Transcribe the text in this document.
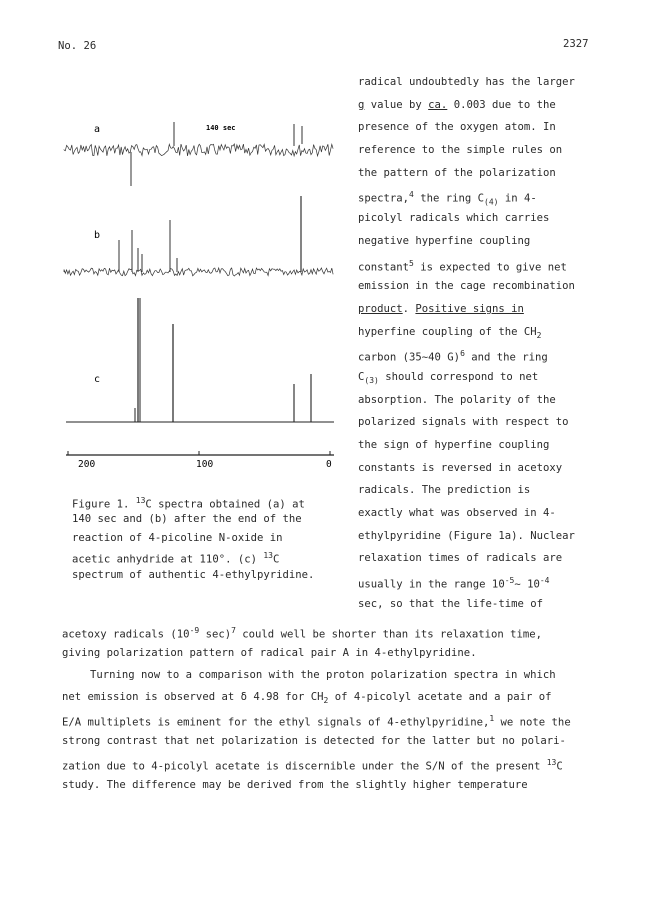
No. 26	2327
a	140 sec
b
c
200	100	0
Figure 1. $^{13}$C spectra obtained (a) at
140 sec and (b) after the end of the
reaction of 4-picoline N-oxide in
acetic anhydride at 110°. (c) $^{13}$C
spectrum of authentic 4-ethylpyridine.
radical undoubtedly has the larger
g value by ca. 0.003 due to the
presence of the oxygen atom. In
reference to the simple rules on
the pattern of the polarization
spectra,$^4$ the ring $C_{(4)}$ in 4-
picolyl radicals which carries
negative hyperfine coupling
constant$^5$ is expected to give net
emission in the cage recombination
product. Positive signs in
hyperfine coupling of the $CH_2$
carbon (35∼40 G)$^6$ and the ring
$C_{(3)}$ should correspond to net
absorption. The polarity of the
polarized signals with respect to
the sign of hyperfine coupling
constants is reversed in acetoxy
radicals. The prediction is
exactly what was observed in 4-
ethylpyridine (Figure 1a). Nuclear
relaxation times of radicals are
usually in the range $10^{-5}\sim$ $10^{-4}$
sec, so that the life-time of
acetoxy radicals ($10^{-9}$ sec)$^7$ could well be shorter than its relaxation time,
giving polarization pattern of radical pair A in 4-ethylpyridine.
Turning now to a comparison with the proton polarization spectra in which
net emission is observed at δ 4.98 for $CH_2$ of 4-picolyl acetate and a pair of
E/A multiplets is eminent for the ethyl signals of 4-ethylpyridine,$^1$ we note the
strong contrast that net polarization is detected for the latter but no polari-
zation due to 4-picolyl acetate is discernible under the S/N of the present $^{13}$C
study. The difference may be derived from the slightly higher temperature
